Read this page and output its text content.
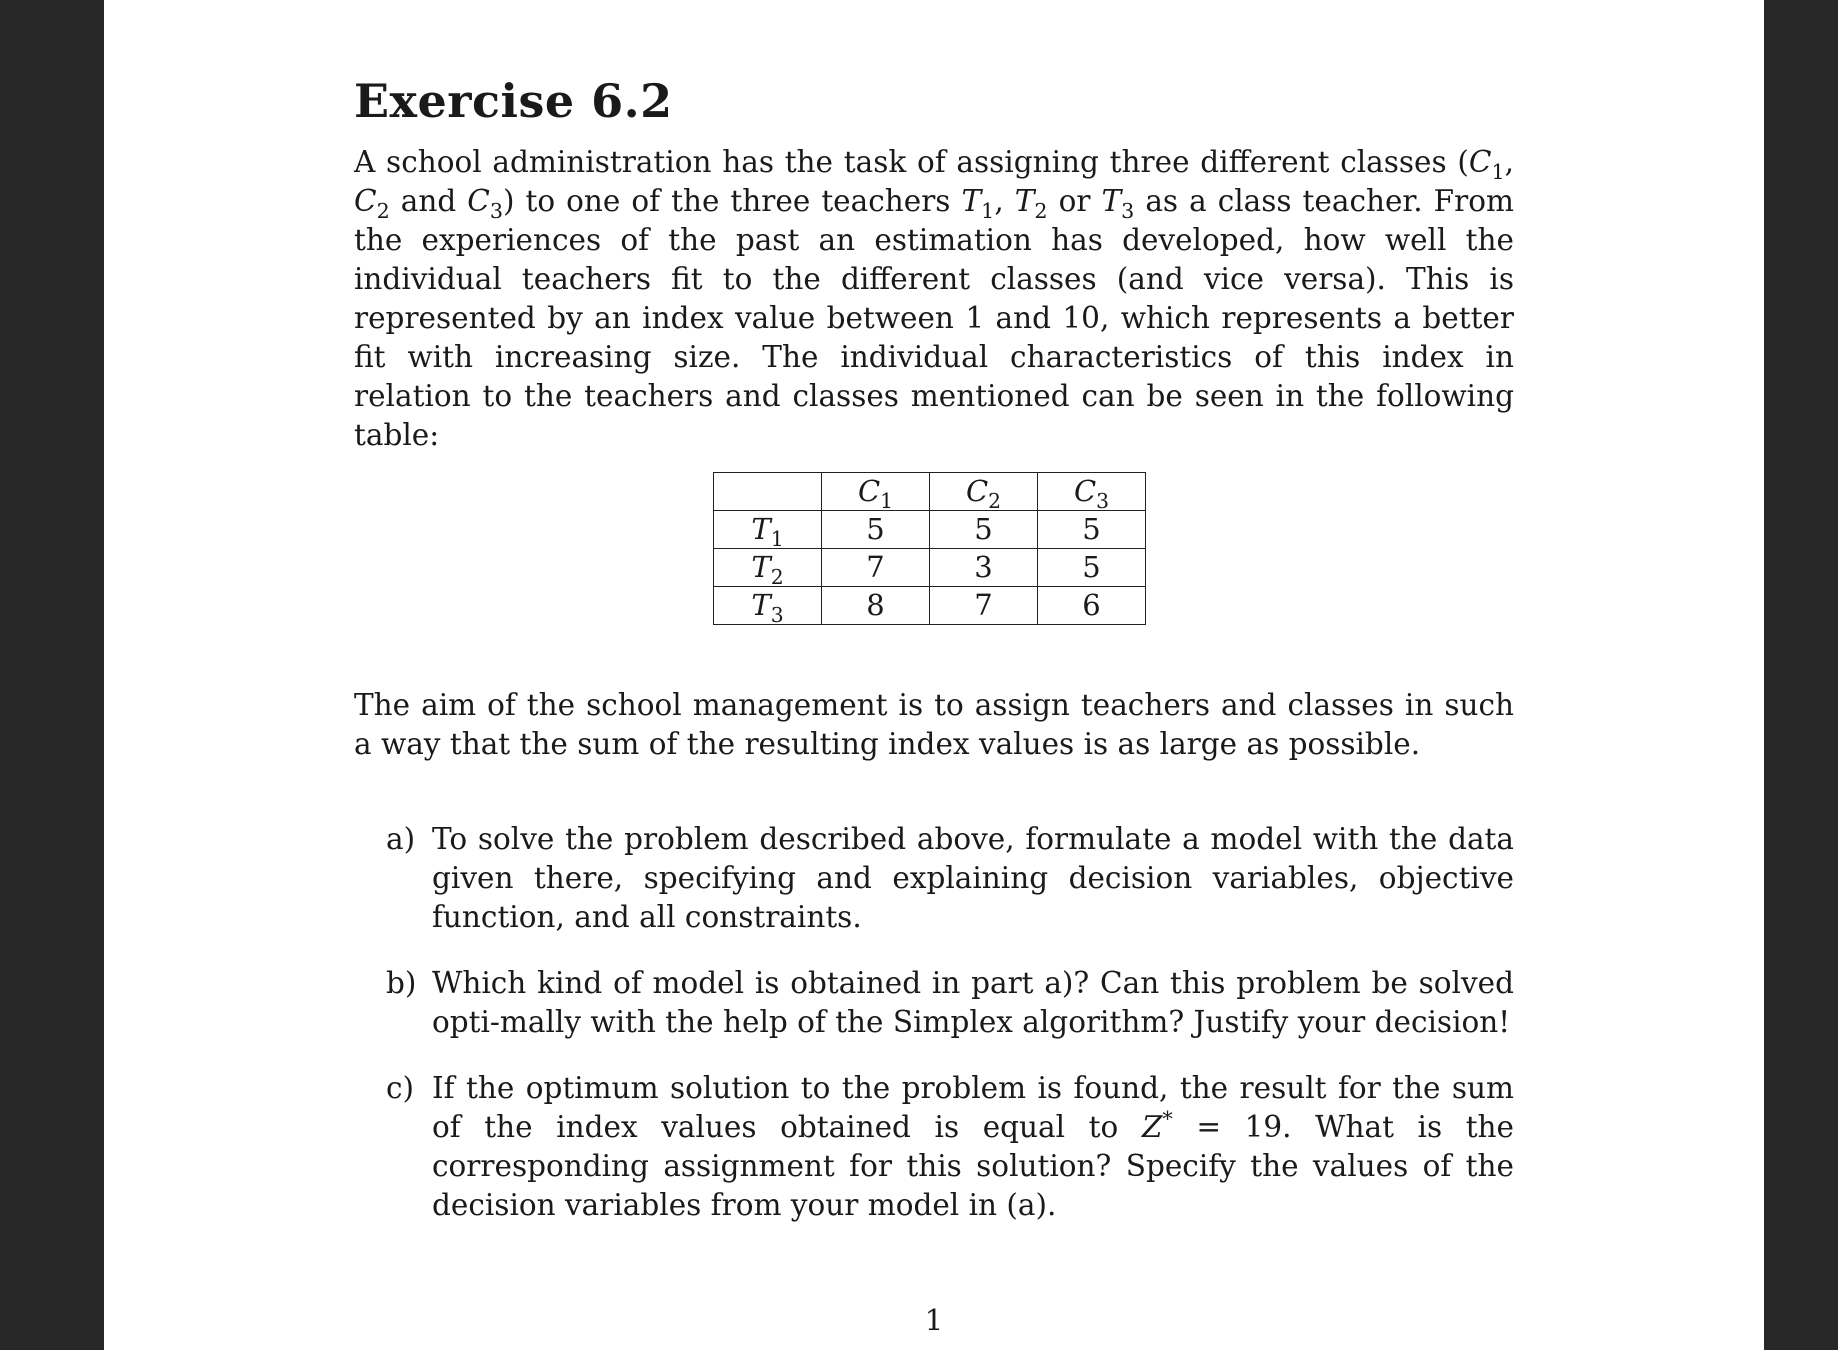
Exercise 6.2

A school administration has the task of assigning three different classes ($C_1$, $C_2$ and $C_3$) to one of the three teachers $T_1$, $T_2$ or $T_3$ as a class teacher. From the experiences of the past an estimation has developed, how well the individual teachers fit to the different classes (and vice versa). This is represented by an index value between 1 and 10, which represents a better fit with increasing size. The individual characteristics of this index in relation to the teachers and classes mentioned can be seen in the following table:

	$C_1$	$C_2$	$C_3$
$T_1$	5	5	5
$T_2$	7	3	5
$T_3$	8	7	6

The aim of the school management is to assign teachers and classes in such a way that the sum of the resulting index values is as large as possible.

a) To solve the problem described above, formulate a model with the data given there, specifying and explaining decision variables, objective function, and all constraints.
b) Which kind of model is obtained in part a)? Can this problem be solved opti-mally with the help of the Simplex algorithm? Justify your decision!
c) If the optimum solution to the problem is found, the result for the sum of the index values obtained is equal to Z* = 19. What is the corresponding assignment for this solution? Specify the values of the decision variables from your model in (a).
1
